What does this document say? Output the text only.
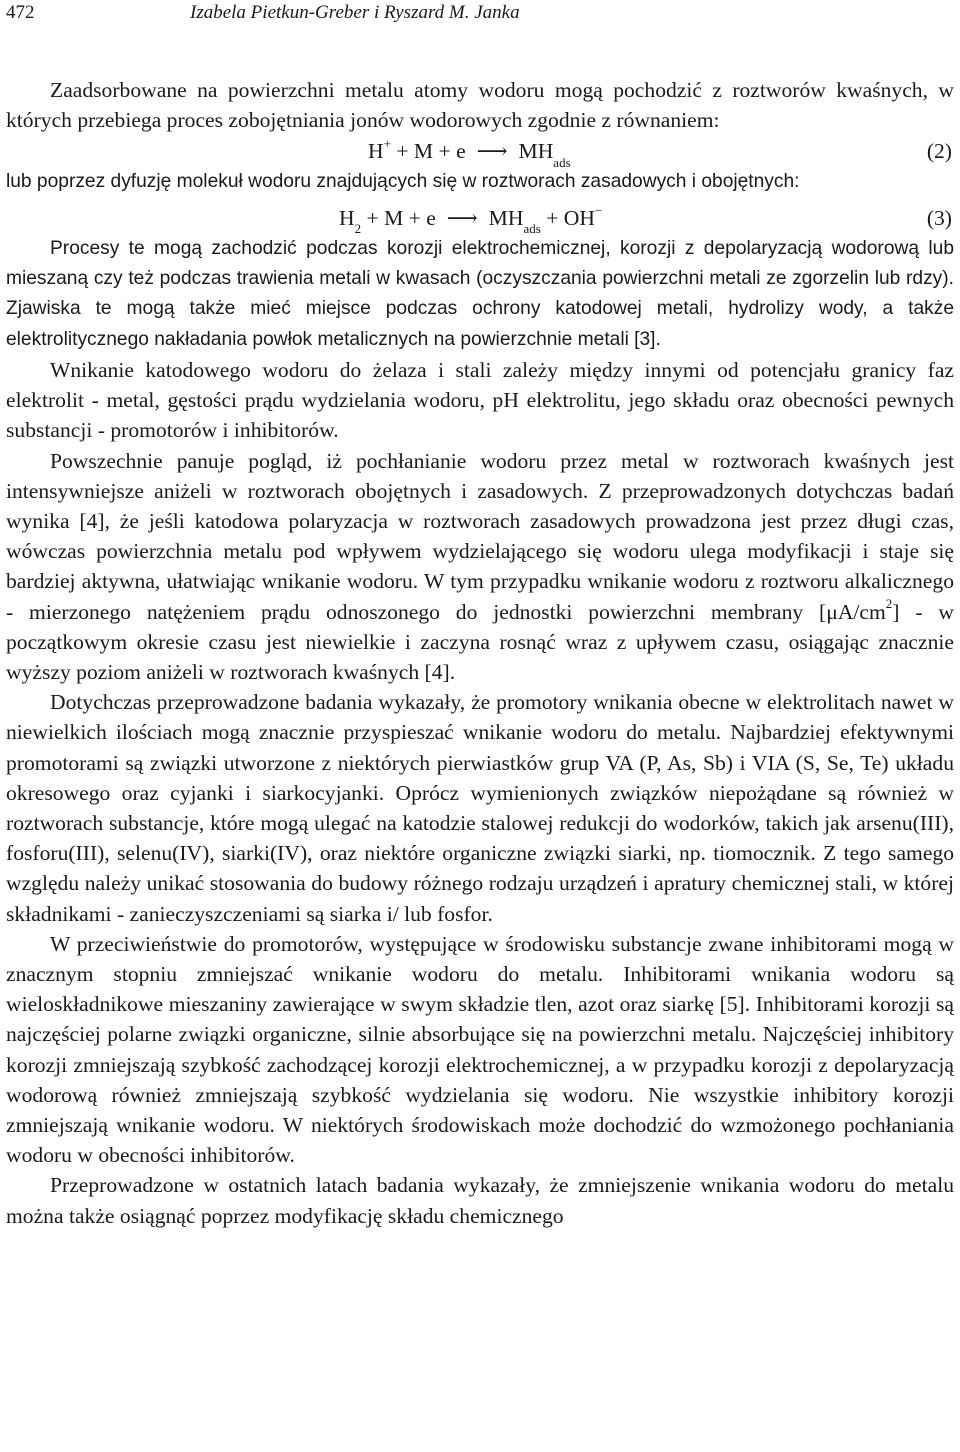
472	Izabela Pietkun-Greber i Ryszard M. Janka

Zaadsorbowane na powierzchni metalu atomy wodoru mogą pochodzić z roztworów kwaśnych, w których przebiega proces zobojętniania jonów wodorowych zgodnie z równaniem:

H+ + M + e ⟶ $MH_{ads}$	(2)

lub poprzez dyfuzję molekuł wodoru znajdujących się w roztworach zasadowych i obojętnych:

$H_2 + M + e$ ⟶ $MH_{ads} + OH^-$	(3)

Procesy te mogą zachodzić podczas korozji elektrochemicznej, korozji z depolaryzacją wodorową lub mieszaną czy też podczas trawienia metali w kwasach (oczyszczania powierzchni metali ze zgorzelin lub rdzy). Zjawiska te mogą także mieć miejsce podczas ochrony katodowej metali, hydrolizy wody, a także elektrolitycznego nakładania powłok metalicznych na powierzchnie metali [3].

Wnikanie katodowego wodoru do żelaza i stali zależy między innymi od potencjału granicy faz elektrolit - metal, gęstości prądu wydzielania wodoru, pH elektrolitu, jego składu oraz obecności pewnych substancji - promotorów i inhibitorów.

Powszechnie panuje pogląd, iż pochłanianie wodoru przez metal w roztworach kwaśnych jest intensywniejsze aniżeli w roztworach obojętnych i zasadowych. Z przeprowadzonych dotychczas badań wynika [4], że jeśli katodowa polaryzacja w roztworach zasadowych prowadzona jest przez długi czas, wówczas powierzchnia metalu pod wpływem wydzielającego się wodoru ulega modyfikacji i staje się bardziej aktywna, ułatwiając wnikanie wodoru. W tym przypadku wnikanie wodoru z roztworu alkalicznego - mierzonego natężeniem prądu odnoszonego do jednostki powierzchni membrany $[\mu A/cm^2]$ - w początkowym okresie czasu jest niewielkie i zaczyna rosnąć wraz z upływem czasu, osiągając znacznie wyższy poziom aniżeli w roztworach kwaśnych [4].

Dotychczas przeprowadzone badania wykazały, że promotory wnikania obecne w elektrolitach nawet w niewielkich ilościach mogą znacznie przyspieszać wnikanie wodoru do metalu. Najbardziej efektywnymi promotorami są związki utworzone z niektórych pierwiastków grup VA (P, As, Sb) i VIA (S, Se, Te) układu okresowego oraz cyjanki i siarkocyjanki. Oprócz wymienionych związków niepożądane są również w roztworach substancje, które mogą ulegać na katodzie stalowej redukcji do wodorków, takich jak arsenu(III), fosforu(III), selenu(IV), siarki(IV), oraz niektóre organiczne związki siarki, np. tiomocznik. Z tego samego względu należy unikać stosowania do budowy różnego rodzaju urządzeń i apratury chemicznej stali, w której składnikami - zanieczyszczeniami są siarka i/ lub fosfor.

W przeciwieństwie do promotorów, występujące w środowisku substancje zwane inhibitorami mogą w znacznym stopniu zmniejszać wnikanie wodoru do metalu. Inhibitorami wnikania wodoru są wieloskładnikowe mieszaniny zawierające w swym składzie tlen, azot oraz siarkę [5]. Inhibitorami korozji są najczęściej polarne związki organiczne, silnie absorbujące się na powierzchni metalu. Najczęściej inhibitory korozji zmniejszają szybkość zachodzącej korozji elektrochemicznej, a w przypadku korozji z depolaryzacją wodorową również zmniejszają szybkość wydzielania się wodoru. Nie wszystkie inhibitory korozji zmniejszają wnikanie wodoru. W niektórych środowiskach może dochodzić do wzmożonego pochłaniania wodoru w obecności inhibitorów.

Przeprowadzone w ostatnich latach badania wykazały, że zmniejszenie wnikania wodoru do metalu można także osiągnąć poprzez modyfikację składu chemicznego
